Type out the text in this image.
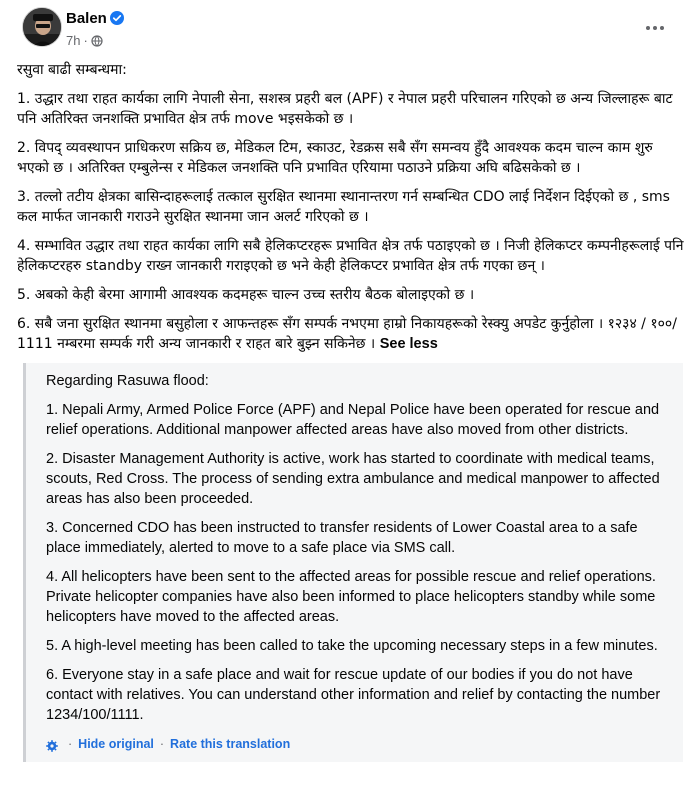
Balen
7h ·

रसुवा बाढी सम्बन्धमा:

1. उद्धार तथा राहत कार्यका लागि नेपाली सेना, सशस्त्र प्रहरी बल (APF) र नेपाल प्रहरी परिचालन गरिएको छ अन्य जिल्लाहरू बाट पनि अतिरिक्त जनशक्ति प्रभावित क्षेत्र तर्फ move भइसकेको छ ।

2. विपद् व्यवस्थापन प्राधिकरण सक्रिय छ, मेडिकल टिम, स्काउट, रेडक्रस सबै सँग समन्वय हुँदै आवश्यक कदम चाल्न काम शुरु भएको छ । अतिरिक्त एम्बुलेन्स र मेडिकल जनशक्ति पनि प्रभावित एरियामा पठाउने प्रक्रिया अघि बढिसकेको छ ।

3. तल्लो तटीय क्षेत्रका बासिन्दाहरूलाई तत्काल सुरक्षित स्थानमा स्थानान्तरण गर्न सम्बन्धित CDO लाई निर्देशन दिईएको छ , sms कल मार्फत जानकारी गराउने सुरक्षित स्थानमा जान अलर्ट गरिएको छ ।

4. सम्भावित उद्धार तथा राहत कार्यका लागि सबै हेलिकप्टरहरू प्रभावित क्षेत्र तर्फ पठाइएको छ । निजी हेलिकप्टर कम्पनीहरूलाई पनि हेलिकप्टरहरु standby राख्न जानकारी गराइएको छ भने केही हेलिकप्टर प्रभावित क्षेत्र तर्फ गएका छन् ।

5. अबको केही बेरमा आगामी आवश्यक कदमहरू चाल्न उच्च स्तरीय बैठक बोलाइएको छ ।

6. सबै जना सुरक्षित स्थानमा बसुहोला र आफन्तहरू सँग सम्पर्क नभएमा हाम्रो निकायहरूको रेस्क्यु अपडेट कुर्नुहोला । १२३४ / १००/ 1111 नम्बरमा सम्पर्क गरी अन्य जानकारी र राहत बारे बुझ्न सकिनेछ । See less

Regarding Rasuwa flood:

1. Nepali Army, Armed Police Force (APF) and Nepal Police have been operated for rescue and relief operations. Additional manpower affected areas have also moved from other districts.

2. Disaster Management Authority is active, work has started to coordinate with medical teams, scouts, Red Cross. The process of sending extra ambulance and medical manpower to affected areas has also been proceeded.

3. Concerned CDO has been instructed to transfer residents of Lower Coastal area to a safe place immediately, alerted to move to a safe place via SMS call.

4. All helicopters have been sent to the affected areas for possible rescue and relief operations. Private helicopter companies have also been informed to place helicopters standby while some helicopters have moved to the affected areas.

5. A high-level meeting has been called to take the upcoming necessary steps in a few minutes.

6. Everyone stay in a safe place and wait for rescue update of our bodies if you do not have contact with relatives. You can understand other information and relief by contacting the number 1234/100/1111.

· Hide original · Rate this translation
